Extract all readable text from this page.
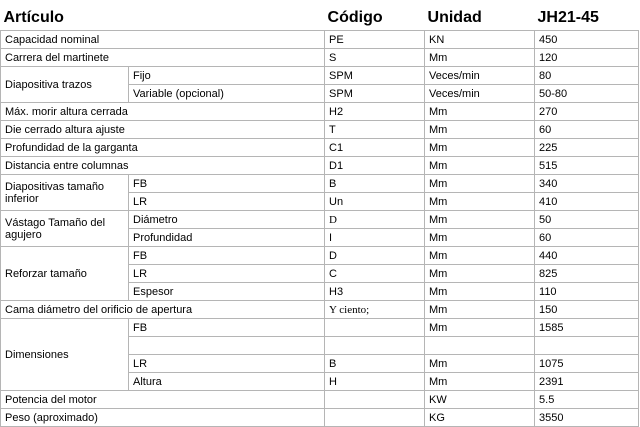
Artículo		Código	Unidad	JH21-45
Capacidad nominal		PE	KN	450
Carrera del martinete		S	Mm	120
Diapositiva trazos	Fijo	SPM	Veces/min	80
	Variable (opcional)	SPM	Veces/min	50-80
Máx. morir altura cerrada		H2	Mm	270
Die cerrado altura ajuste		T	Mm	60
Profundidad de la garganta		C1	Mm	225
Distancia entre columnas		D1	Mm	515
Diapositivas tamaño inferior	FB	B	Mm	340
	LR	Un	Mm	410
Vástago Tamaño del agujero	Diámetro	D	Mm	50
	Profundidad	I	Mm	60
Reforzar tamaño	FB	D	Mm	440
	LR	C	Mm	825
	Espesor	H3	Mm	110
Cama diámetro del orificio de apertura		Y ciento;	Mm	150
Dimensiones	FB		Mm	1585

	LR	B	Mm	1075
	Altura	H	Mm	2391
Potencia del motor			KW	5.5
Peso (aproximado)			KG	3550
